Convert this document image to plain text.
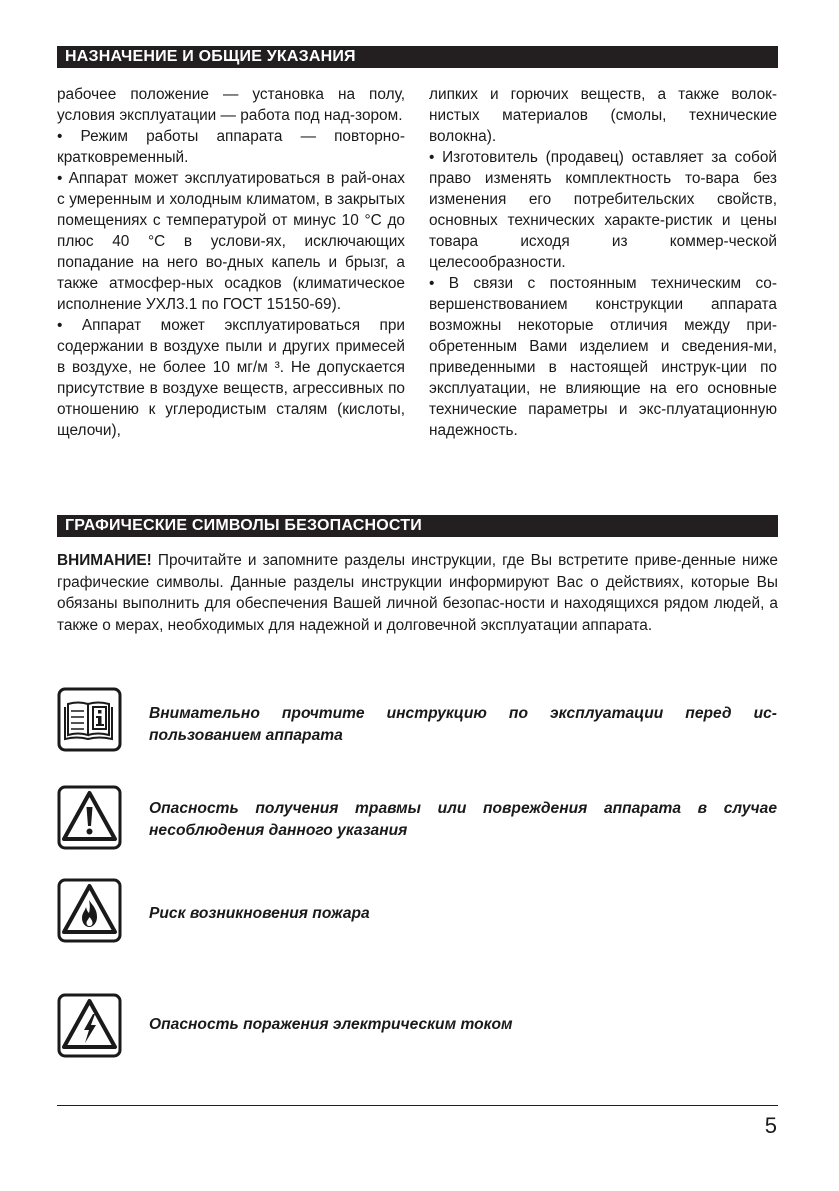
НАЗНАЧЕНИЕ И ОБЩИЕ УКАЗАНИЯ

рабочее положение — установка на полу, условия эксплуатации — работа под над-зором.

• Режим работы аппарата — повторно-кратковременный.

• Аппарат может эксплуатироваться в рай-онах с умеренным и холодным климатом, в закрытых помещениях с температурой от минус 10 °С до плюс 40 °С в услови-ях, исключающих попадание на него во-дных капель и брызг, а также атмосфер-ных осадков (климатическое исполнение УХЛ3.1 по ГОСТ 15150-69).

• Аппарат может эксплуатироваться при содержании в воздухе пыли и других примесей в воздухе, не более 10 мг/м ³. Не допускается присутствие в воздухе веществ, агрессивных по отношению к углеродистым сталям (кислоты, щелочи),

липких и горючих веществ, а также волок-нистых материалов (смолы, технические волокна).

• Изготовитель (продавец) оставляет за собой право изменять комплектность то-вара без изменения его потребительских свойств, основных технических характе-ристик и цены товара исходя из коммер-ческой целесообразности.

• В связи с постоянным техническим со-вершенствованием конструкции аппарата возможны некоторые отличия между при-обретенным Вами изделием и сведения-ми, приведенными в настоящей инструк-ции по эксплуатации, не влияющие на его основные технические параметры и экс-плуатационную надежность.

ГРАФИЧЕСКИЕ СИМВОЛЫ БЕЗОПАСНОСТИ
ВНИМАНИЕ! Прочитайте и запомните разделы инструкции, где Вы встретите приве-денные ниже графические символы. Данные разделы инструкции информируют Вас о действиях, которые Вы обязаны выполнить для обеспечения Вашей личной безопас-ности и находящихся рядом людей, а также о мерах, необходимых для надежной и долговечной эксплуатации аппарата.
Внимательно прочтите инструкцию по эксплуатации перед ис-пользованием аппарата
Опасность получения травмы или повреждения аппарата в случае несоблюдения данного указания
Риск возникновения пожара
Опасность поражения электрическим током
5
